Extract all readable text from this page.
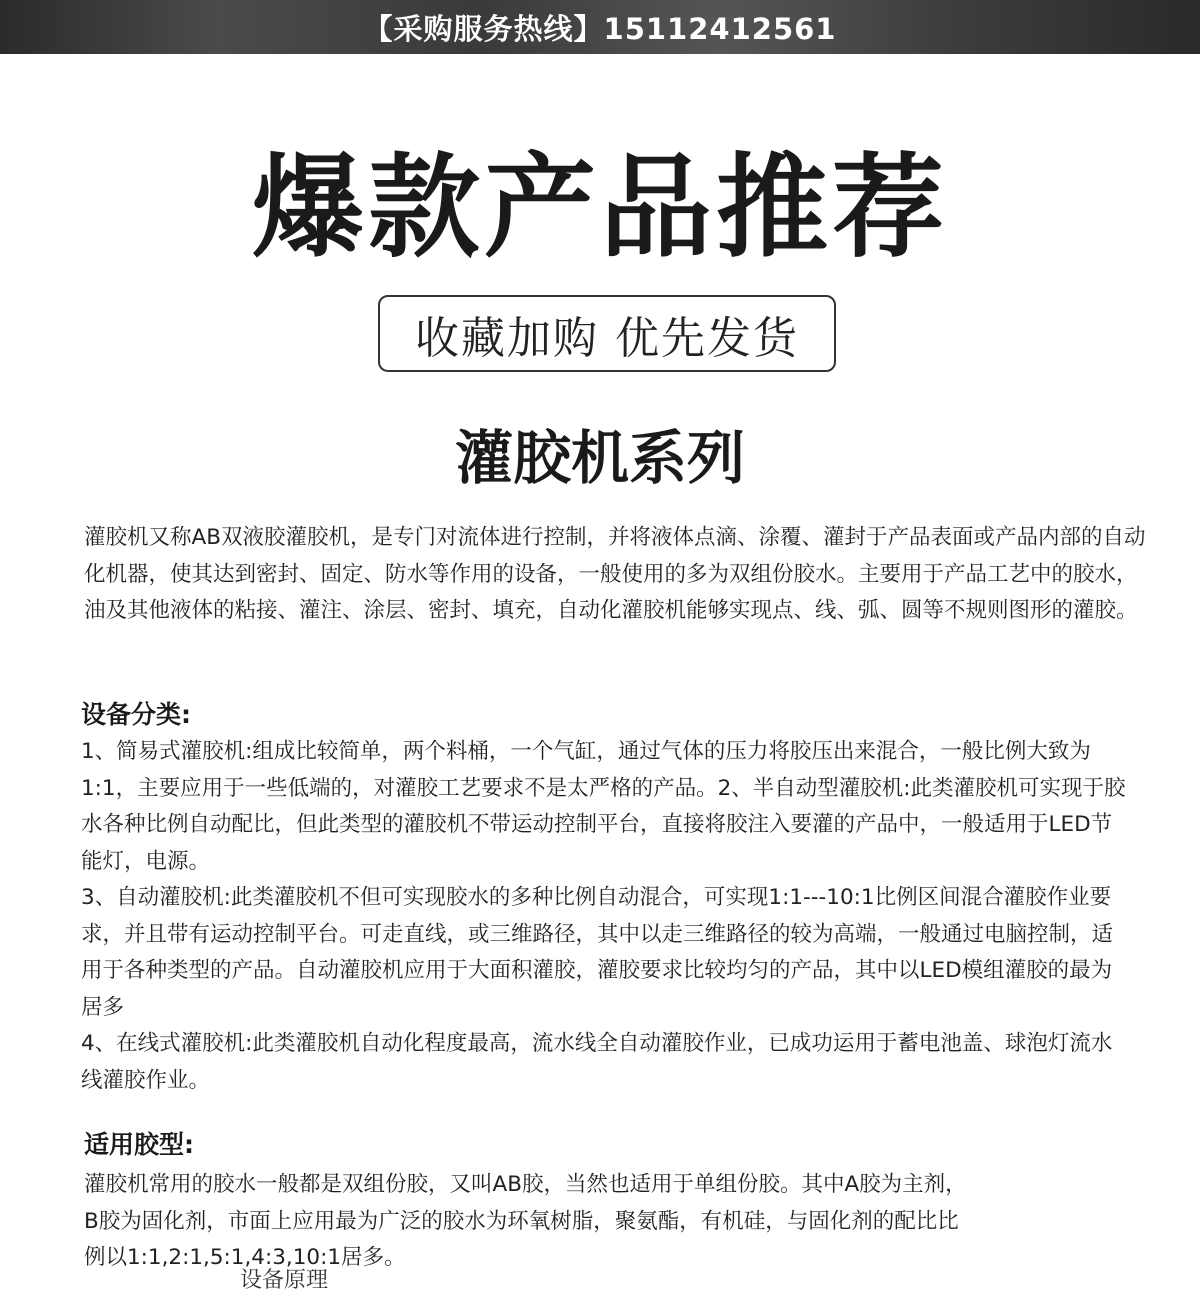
【采购服务热线】15112412561
爆款产品推荐
收藏加购 优先发货
灌胶机系列

灌胶机又称AB双液胶灌胶机，是专门对流体进行控制，并将液体点滴、涂覆、灌封于产品表面或产品内部的自动化机器，使其达到密封、固定、防水等作用的设备，一般使用的多为双组份胶水。主要用于产品工艺中的胶水，油及其他液体的粘接、灌注、涂层、密封、填充，自动化灌胶机能够实现点、线、弧、圆等不规则图形的灌胶。

设备分类:
1、简易式灌胶机:组成比较简单，两个料桶，一个气缸，通过气体的压力将胶压出来混合，一般比例大致为1:1，主要应用于一些低端的，对灌胶工艺要求不是太严格的产品。2、半自动型灌胶机:此类灌胶机可实现于胶水各种比例自动配比，但此类型的灌胶机不带运动控制平台，直接将胶注入要灌的产品中，一般适用于LED节能灯，电源。
3、自动灌胶机:此类灌胶机不但可实现胶水的多种比例自动混合，可实现1:1---10:1比例区间混合灌胶作业要求，并且带有运动控制平台。可走直线，或三维路径，其中以走三维路径的较为高端，一般通过电脑控制，适用于各种类型的产品。自动灌胶机应用于大面积灌胶，灌胶要求比较均匀的产品，其中以LED模组灌胶的最为居多
4、在线式灌胶机:此类灌胶机自动化程度最高，流水线全自动灌胶作业，已成功运用于蓄电池盖、球泡灯流水线灌胶作业。
适用胶型:
灌胶机常用的胶水一般都是双组份胶，又叫AB胶，当然也适用于单组份胶。其中A胶为主剂，
B胶为固化剂，市面上应用最为广泛的胶水为环氧树脂，聚氨酯，有机硅，与固化剂的配比比
例以1:1,2:1,5:1,4:3,10:1居多。
设备原理
